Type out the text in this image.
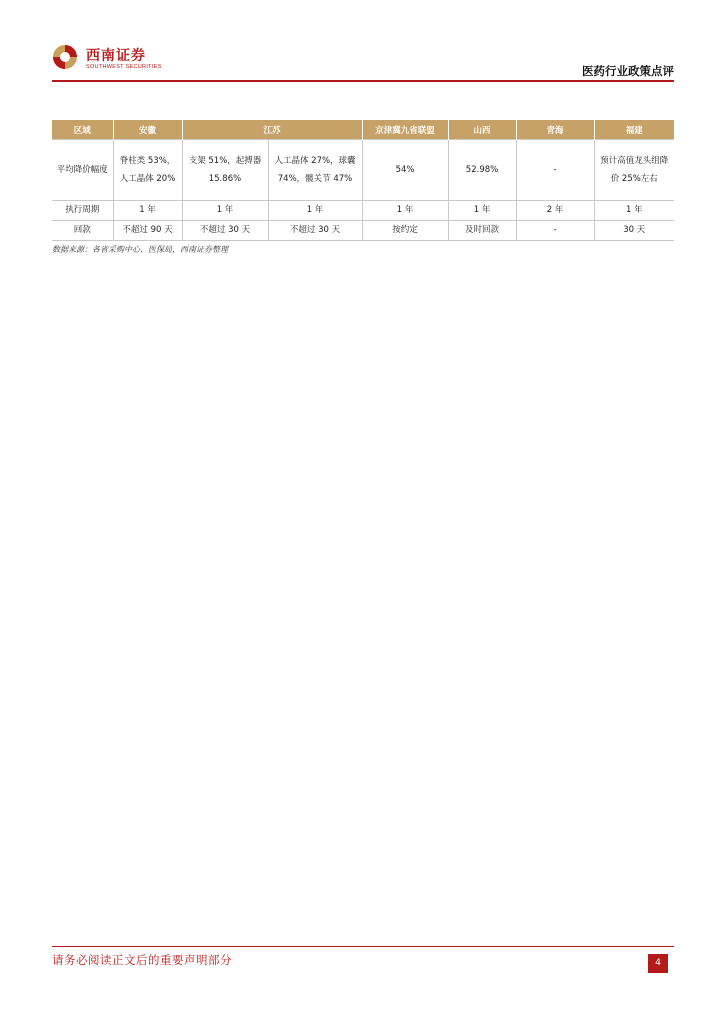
西南证券
SOUTHWEST SECURITIES	医药行业政策点评
区域	安徽	江苏		京津冀九省联盟	山西	青海	福建
平均降价幅度	脊柱类 53%，人工晶体 20%	支架 51%，起搏器 15.86%	人工晶体 27%，球囊 74%，髋关节 47%	54%	52.98%	-	预计高值龙头组降价 25%左右
执行周期	1 年	1 年	1 年	1 年	1 年	2 年	1 年
回款	不超过 90 天	不超过 30 天	不超过 30 天	按约定	及时回款	-	30 天
数据来源：各省采购中心、医保局，西南证券整理
请务必阅读正文后的重要声明部分	4
